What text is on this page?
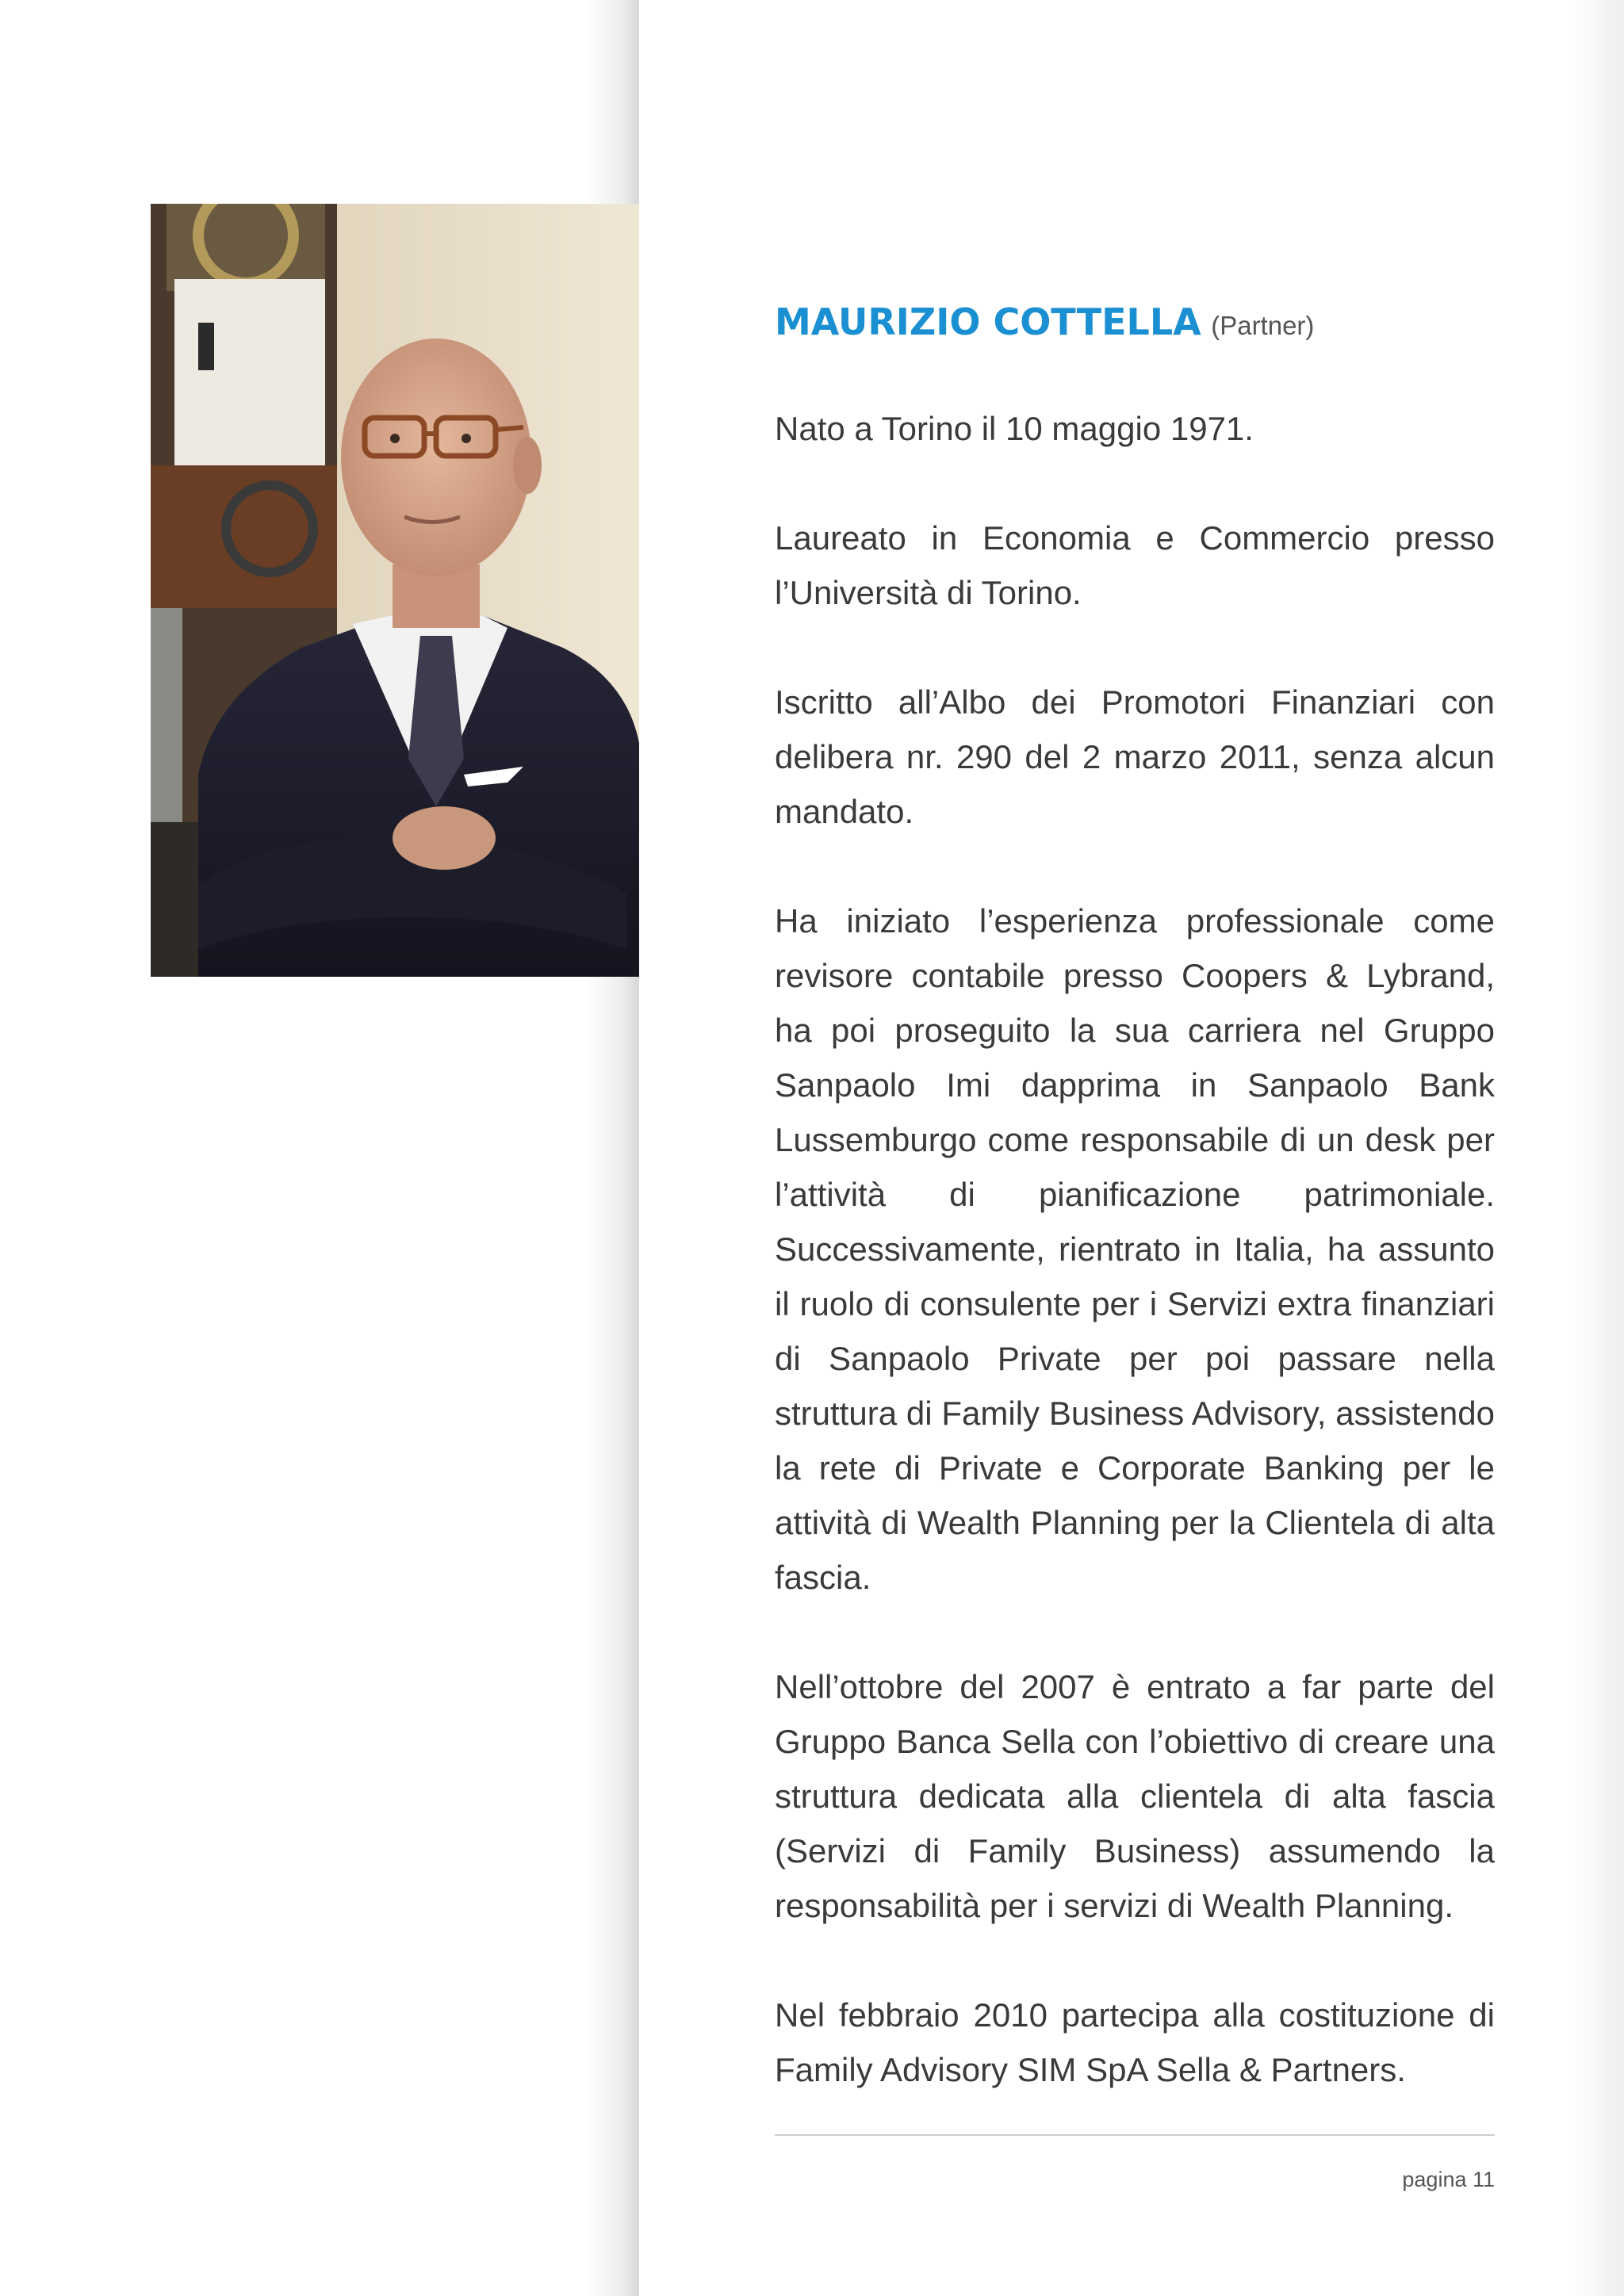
MAURIZIO COTTELLA (Partner)

Nato a Torino il 10 maggio 1971.

Laureato in Economia e Commercio presso l’Università di Torino.

Iscritto all’Albo dei Promotori Finanziari con delibera nr. 290 del 2 marzo 2011, senza alcun mandato.

Ha iniziato l’esperienza professionale come revisore contabile presso Coopers & Lybrand, ha poi proseguito la sua carriera nel Gruppo Sanpaolo Imi dapprima in Sanpaolo Bank Lussemburgo come responsabile di un desk per l’attività di pianificazione patrimoniale. Successivamente, rientrato in Italia, ha assunto il ruolo di consulente per i Servizi extra finanziari di Sanpaolo Private per poi passare nella struttura di Family Business Advisory, assistendo la rete di Private e Corporate Banking per le attività di Wealth Planning per la Clientela di alta fascia.

Nell’ottobre del 2007 è entrato a far parte del Gruppo Banca Sella con l’obiettivo di creare una struttura dedicata alla clientela di alta fascia (Servizi di Family Business) assumendo la responsabilità per i servizi di Wealth Planning.

Nel febbraio 2010 partecipa alla costituzione di Family Advisory SIM SpA Sella & Partners.

pagina 11
